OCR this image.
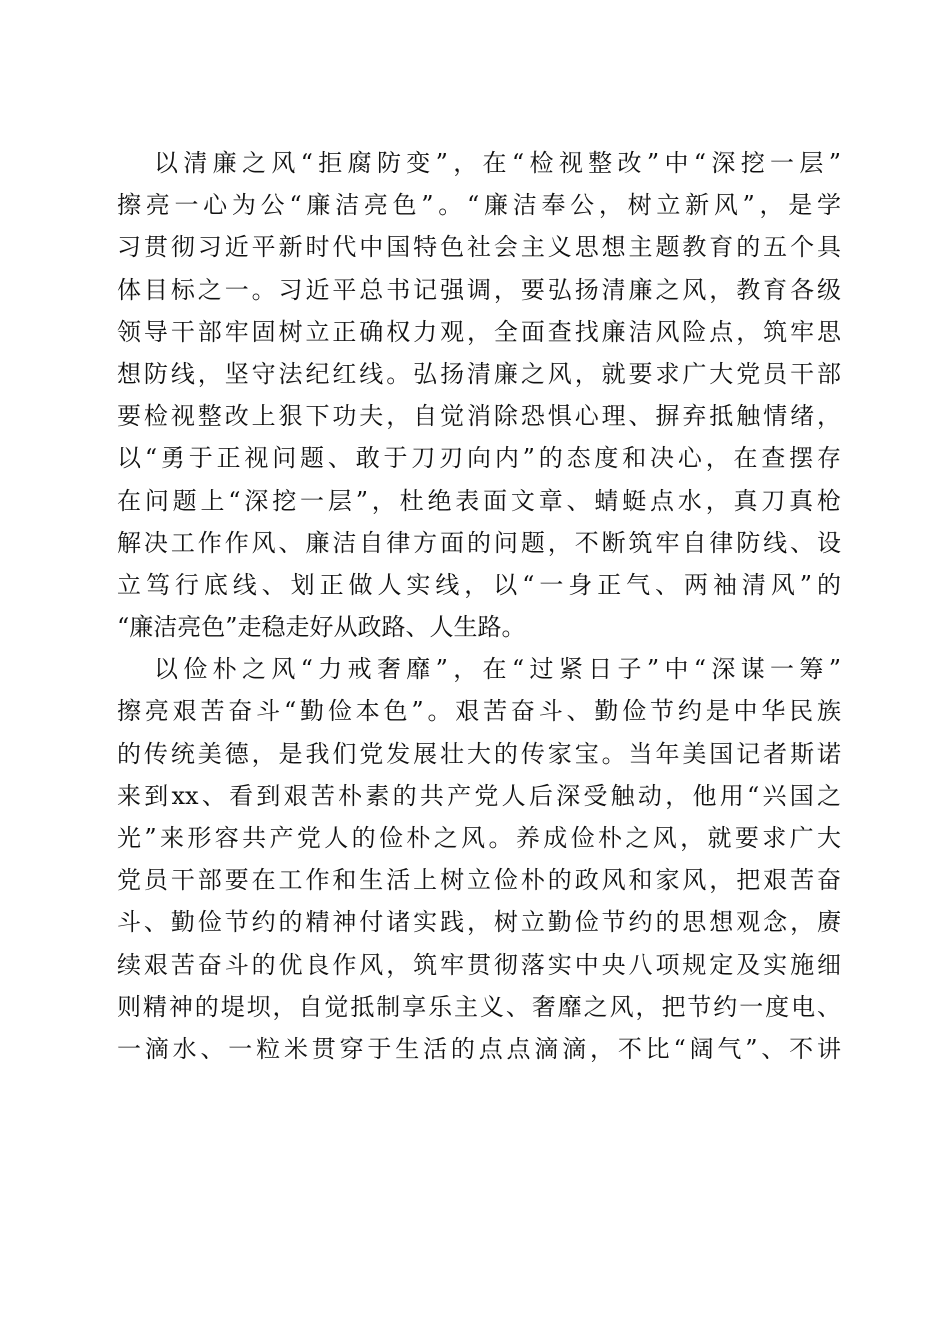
以清廉之风“拒腐防变”，在“检视整改”中“深挖一层”
擦亮一心为公“廉洁亮色”。“廉洁奉公，树立新风”，是学
习贯彻习近平新时代中国特色社会主义思想主题教育的五个具
体目标之一。习近平总书记强调，要弘扬清廉之风，教育各级
领导干部牢固树立正确权力观，全面查找廉洁风险点，筑牢思
想防线，坚守法纪红线。弘扬清廉之风，就要求广大党员干部
要检视整改上狠下功夫，自觉消除恐惧心理、摒弃抵触情绪，
以“勇于正视问题、敢于刀刃向内”的态度和决心，在查摆存
在问题上“深挖一层”，杜绝表面文章、蜻蜓点水，真刀真枪
解决工作作风、廉洁自律方面的问题，不断筑牢自律防线、设
立笃行底线、划正做人实线，以“一身正气、两袖清风”的
“廉洁亮色”走稳走好从政路、人生路。
以俭朴之风“力戒奢靡”，在“过紧日子”中“深谋一筹”
擦亮艰苦奋斗“勤俭本色”。艰苦奋斗、勤俭节约是中华民族
的传统美德，是我们党发展壮大的传家宝。当年美国记者斯诺
来到xx、看到艰苦朴素的共产党人后深受触动，他用“兴国之
光”来形容共产党人的俭朴之风。养成俭朴之风，就要求广大
党员干部要在工作和生活上树立俭朴的政风和家风，把艰苦奋
斗、勤俭节约的精神付诸实践，树立勤俭节约的思想观念，赓
续艰苦奋斗的优良作风，筑牢贯彻落实中央八项规定及实施细
则精神的堤坝，自觉抵制享乐主义、奢靡之风，把节约一度电、
一滴水、一粒米贯穿于生活的点点滴滴，不比“阔气”、不讲
